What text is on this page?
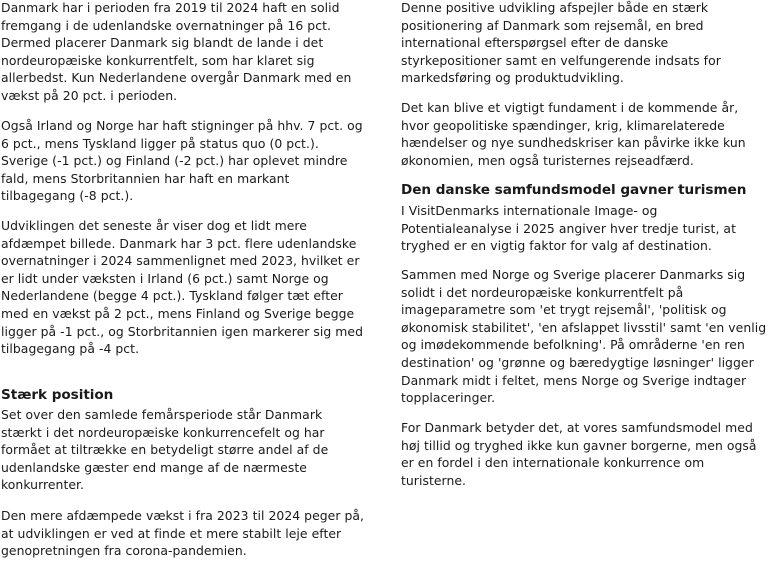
Danmark har i perioden fra 2019 til 2024 haft en solid fremgang i de udenlandske overnatninger på 16 pct. Dermed placerer Danmark sig blandt de lande i det nordeuropæiske konkurrentfelt, som har klaret sig allerbedst. Kun Nederlandene overgår Danmark med en vækst på 20 pct. i perioden.

Også Irland og Norge har haft stigninger på hhv. 7 pct. og 6 pct., mens Tyskland ligger på status quo (0 pct.). Sverige (-1 pct.) og Finland (-2 pct.) har oplevet mindre fald, mens Storbritannien har haft en markant tilbagegang (-8 pct.).

Udviklingen det seneste år viser dog et lidt mere afdæmpet billede. Danmark har 3 pct. flere udenlandske overnatninger i 2024 sammenlignet med 2023, hvilket er er lidt under væksten i Irland (6 pct.) samt Norge og Nederlandene (begge 4 pct.). Tyskland følger tæt efter med en vækst på 2 pct., mens Finland og Sverige begge ligger på -1 pct., og Storbritannien igen markerer sig med tilbagegang på -4 pct.

Stærk position

Set over den samlede femårsperiode står Danmark stærkt i det nordeuropæiske konkurrencefelt og har formået at tiltrække en betydeligt større andel af de udenlandske gæster end mange af de nærmeste konkurrenter.

Den mere afdæmpede vækst i fra 2023 til 2024 peger på, at udviklingen er ved at finde et mere stabilt leje efter genopretningen fra corona-pandemien.

Denne positive udvikling afspejler både en stærk positionering af Danmark som rejsemål, en bred international efterspørgsel efter de danske styrkepositioner samt en velfungerende indsats for markedsføring og produktudvikling.

Det kan blive et vigtigt fundament i de kommende år, hvor geopolitiske spændinger, krig, klimarelaterede hændelser og nye sundhedskriser kan påvirke ikke kun økonomien, men også turisternes rejseadfærd.

Den danske samfundsmodel gavner turismen

I VisitDenmarks internationale Image- og Potentialeanalyse i 2025 angiver hver tredje turist, at tryghed er en vigtig faktor for valg af destination.

Sammen med Norge og Sverige placerer Danmarks sig solidt i det nordeuropæiske konkurrentfelt på imageparametre som 'et trygt rejsemål', 'politisk og økonomisk stabilitet', 'en afslappet livsstil' samt 'en venlig og imødekommende befolkning'. På områderne 'en ren destination' og 'grønne og bæredygtige løsninger' ligger Danmark midt i feltet, mens Norge og Sverige indtager topplaceringer.

For Danmark betyder det, at vores samfundsmodel med høj tillid og tryghed ikke kun gavner borgerne, men også er en fordel i den internationale konkurrence om turisterne.
